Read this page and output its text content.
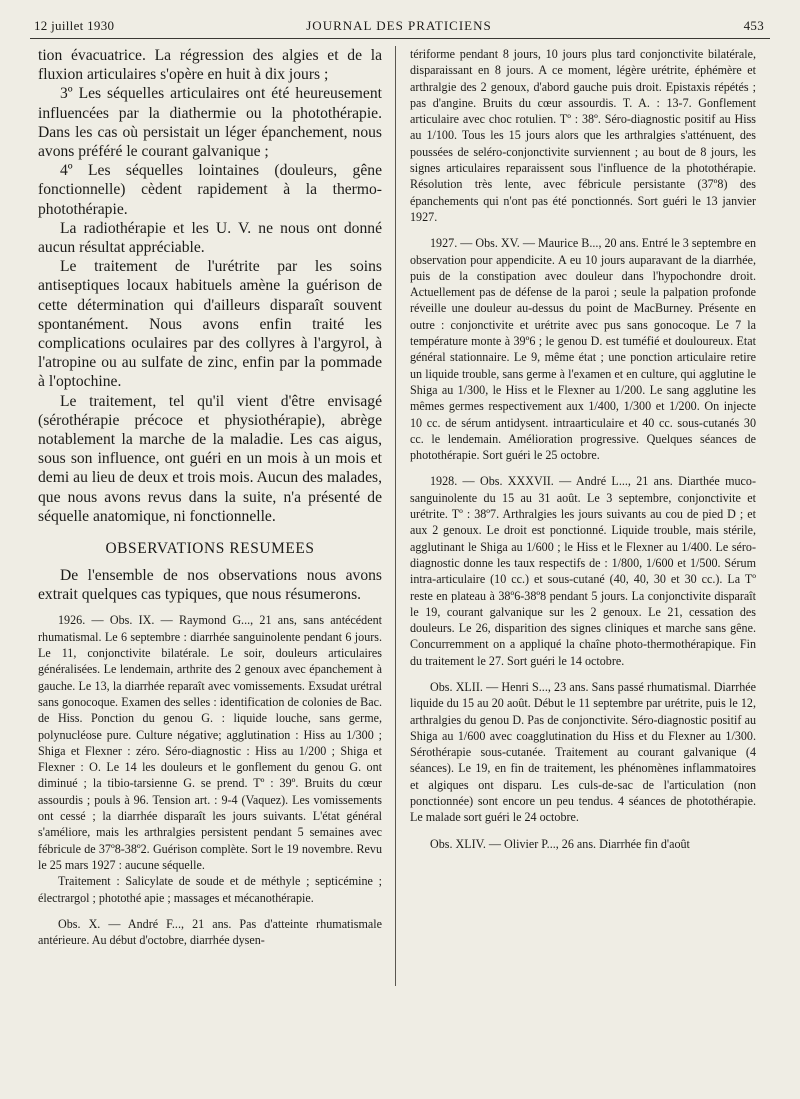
12 juillet 1930	JOURNAL DES PRATICIENS	453

tion évacuatrice. La régression des algies et de la fluxion articulaires s'opère en huit à dix jours ;

3º Les séquelles articulaires ont été heureusement influencées par la diathermie ou la photothérapie. Dans les cas où persistait un léger épanchement, nous avons préféré le courant galvanique ;

4º Les séquelles lointaines (douleurs, gêne fonctionnelle) cèdent rapidement à la thermo-photothérapie.

La radiothérapie et les U. V. ne nous ont donné aucun résultat appréciable.

Le traitement de l'urétrite par les soins antiseptiques locaux habituels amène la guérison de cette détermination qui d'ailleurs disparaît souvent spontanément. Nous avons enfin traité les complications oculaires par des collyres à l'argyrol, à l'atropine ou au sulfate de zinc, enfin par la pommade à l'optochine.

Le traitement, tel qu'il vient d'être envisagé (sérothérapie précoce et physiothérapie), abrège notablement la marche de la maladie. Les cas aigus, sous son influence, ont guéri en un mois à un mois et demi au lieu de deux et trois mois. Aucun des malades, que nous avons revus dans la suite, n'a présenté de séquelle anatomique, ni fonctionnelle.

OBSERVATIONS RESUMEES

De l'ensemble de nos observations nous avons extrait quelques cas typiques, que nous résumerons.

1926. — Obs. IX. — Raymond G..., 21 ans, sans antécédent rhumatismal. Le 6 septembre : diarrhée sanguinolente pendant 6 jours. Le 11, conjonctivite bilatérale. Le soir, douleurs articulaires généralisées. Le lendemain, arthrite des 2 genoux avec épanchement à gauche. Le 13, la diarrhée reparaît avec vomissements. Exsudat urétral sans gonocoque. Examen des selles : identification de colonies de Bac. de Hiss. Ponction du genou G. : liquide louche, sans germe, polynucléose pure. Culture négative; agglutination : Hiss au 1/300 ; Shiga et Flexner : zéro. Séro-diagnostic : Hiss au 1/200 ; Shiga et Flexner : O. Le 14 les douleurs et le gonflement du genou G. ont diminué ; la tibio-tarsienne G. se prend. Tº : 39º. Bruits du cœur assourdis ; pouls à 96. Tension art. : 9-4 (Vaquez). Les vomissements ont cessé ; la diarrhée disparaît les jours suivants. L'état général s'améliore, mais les arthralgies persistent pendant 5 semaines avec fébricule de 37º8-38º2. Guérison complète. Sort le 19 novembre. Revu le 25 mars 1927 : aucune séquelle.

Traitement : Salicylate de soude et de méthyle ; septicémine ; électrargol ; photothé apie ; massages et mécanothérapie.

Obs. X. — André F..., 21 ans. Pas d'atteinte rhumatismale antérieure. Au début d'octobre, diarrhée dysen-

tériforme pendant 8 jours, 10 jours plus tard conjonctivite bilatérale, disparaissant en 8 jours. A ce moment, légère urétrite, éphémère et arthralgie des 2 genoux, d'abord gauche puis droit. Epistaxis répétés ; pas d'angine. Bruits du cœur assourdis. T. A. : 13-7. Gonflement articulaire avec choc rotulien. Tº : 38º. Séro-diagnostic positif au Hiss au 1/100. Tous les 15 jours alors que les arthralgies s'atténuent, des poussées de seléro-conjonctivite surviennent ; au bout de 8 jours, les signes articulaires reparaissent sous l'influence de la photothérapie. Résolution très lente, avec fébricule persistante (37º8) des épanchements qui n'ont pas été ponctionnés. Sort guéri le 13 janvier 1927.

1927. — Obs. XV. — Maurice B..., 20 ans. Entré le 3 septembre en observation pour appendicite. A eu 10 jours auparavant de la diarrhée, puis de la constipation avec douleur dans l'hypochondre droit. Actuellement pas de défense de la paroi ; seule la palpation profonde réveille une douleur au-dessus du point de MacBurney. Présente en outre : conjonctivite et urétrite avec pus sans gonocoque. Le 7 la température monte à 39º6 ; le genou D. est tuméfié et douloureux. Etat général stationnaire. Le 9, même état ; une ponction articulaire retire un liquide trouble, sans germe à l'examen et en culture, qui agglutine le Shiga au 1/300, le Hiss et le Flexner au 1/200. Le sang agglutine les mêmes germes respectivement aux 1/400, 1/300 et 1/200. On injecte 10 cc. de sérum antidysent. intraarticulaire et 40 cc. sous-cutanés 30 cc. le lendemain. Amélioration progressive. Quelques séances de photothérapie. Sort guéri le 25 octobre.

1928. — Obs. XXXVII. — André L..., 21 ans. Diarthée muco-sanguinolente du 15 au 31 août. Le 3 septembre, conjonctivite et urétrite. Tº : 38º7. Arthralgies les jours suivants au cou de pied D ; et aux 2 genoux. Le droit est ponctionné. Liquide trouble, mais stérile, agglutinant le Shiga au 1/600 ; le Hiss et le Flexner au 1/400. Le séro-diagnostic donne les taux respectifs de : 1/800, 1/600 et 1/500. Sérum intra-articulaire (10 cc.) et sous-cutané (40, 40, 30 et 30 cc.). La Tº reste en plateau à 38º6-38º8 pendant 5 jours. La conjonctivite disparaît le 19, courant galvanique sur les 2 genoux. Le 21, cessation des douleurs. Le 26, disparition des signes cliniques et marche sans gêne. Concurremment on a appliqué la chaîne photo-thermothérapique. Fin du traitement le 27. Sort guéri le 14 octobre.

Obs. XLII. — Henri S..., 23 ans. Sans passé rhumatismal. Diarrhée liquide du 15 au 20 août. Début le 11 septembre par urétrite, puis le 12, arthralgies du genou D. Pas de conjonctivite. Séro-diagnostic positif au Shiga au 1/600 avec coagglutination du Hiss et du Flexner au 1/300. Sérothérapie sous-cutanée. Traitement au courant galvanique (4 séances). Le 19, en fin de traitement, les phénomènes inflammatoires et algiques ont disparu. Les culs-de-sac de l'articulation (non ponctionnée) sont encore un peu tendus. 4 séances de photothérapie. Le malade sort guéri le 24 octobre.

Obs. XLIV. — Olivier P..., 26 ans. Diarrhée fin d'août
